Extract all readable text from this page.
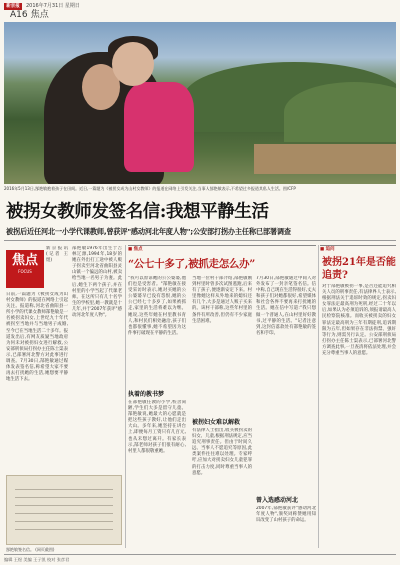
新京报	2016年7月31日 星期日
A16 焦点
2016年5月13日,郜艳敏抱着孩子在田间。近日,一篇题为《被拐女成为山村女教师》的报道在网络上引发关注,当事人郜艳敏表示,不希望过多报道其私人生活。图/CFP
被拐女教师发签名信:我想平静生活
被拐后近任河北一小学代课教师,曾获评"感动河北年度人物";公安部打拐办主任称已部署调查
焦点
FOCUS
新京报讯 (记者 王煜)
日前,一篇题为《被拐女成为山村女教师》的报道在网络上引起关注。报道称,河北省曲阳县一所小学的代课女教师郜艳敏是一名被拐卖妇女,上世纪九十年代被拐至当地并与当地男子成婚,至今已在当地生活二十多年。报道发出后,有网友质疑当地政府为何未对被拐妇女进行解救,公安部刑侦局打拐办主任陈士渠表示,已部署河北警方对此事进行调查。7月30日,郜艳敏通过媒体发表签名信,称希望大家不要再去打扰她的生活,她想要平静地生活下去。
郜艳敏1976年出生于吉林辽源,1994年,18岁的她在外出打工途中被人贩子拐卖至河北省曲阳县灵山镇一个偏远的山村,被卖给当地一名男子为妻。此后,她生下两个孩子,并在村里的小学当起了代课老师。在这所只有几十名学生的学校里,她一教就是十几年,并于2007年获评"感动河北年度人物"。
郜艳敏签名信。 (网页截图)
■ 焦点
“公七十多了,被抓走怎么办”
"我可以原谅她的公公婆婆,他们也是受害者。"郜艳敏在接受采访时表示,她对买她的公公婆婆早已没有怨恨,她的公公已经七十多岁了,如果被抓走,家里的生活将难以为继。她说,这些年她在村里教书育人,和村民们相处融洽,孩子们也都很懂事,她不希望因为这件事打破现在平静的生活。
执着的教书梦
在郜艳敏任教的小学,校舍简陋,学生们大多是留守儿童。郜艳敏说,她最大的心愿就是把这些孩子教好,让他们走出大山。多年来,她坚持在讲台上,即便每月工资只有几百元,也从未想过离开。有家长表示,郜老师对孩子们很有耐心,村里人都很敬重她。
当地一位村干部介绍,郜艳敏刚到村里时曾多次试图逃跑,后来有了孩子,便逐渐安定下来。村里像她这样从外地来的媳妇还有几个,大多是通过人贩子买来的。该村干部称,这些年村里的条件有所改善,但仍有不少家庭生活困难。
被拐妇女难以解救
有法律人士指出,收买被拐卖的妇女、儿童,根据刑法规定,应当追究刑事责任。但由于时间久远、当事人不愿追究等原因,此类案件往往难以处理。专家呼吁,应加大对拐卖妇女儿童犯罪的打击力度,同时尊重当事人的意愿。
7月30日,郜艳敏通过中间人对外发布了一封亲笔签名信。信中称,自己现在生活得很好,丈夫和孩子们对她都很好,希望媒体和社会各界不要再来打扰她的生活。她在信中写道:"我只想做一个普通人,在山村里好好教书,过平静的生活。"记者注意到,这封信落款处有郜艳敏的签名和手印。
曾入选感动河北
2007年,郜艳敏获评"感动河北年度人物",颁奖词称赞她用知识改变了山村孩子的命运。
■ 追问
被拐21年是否能追责?
对于郜艳敏被拐一事,是否还能追究相关人员的刑事责任,有法律界人士表示,根据刑法关于追诉时效的规定,拐卖妇女罪法定最高刑为死刑,经过二十年以后,如果认为必须追诉的,须报请最高人民检察院核准。而收买被拐卖的妇女罪法定最高刑为三年有期徒刑,追诉期限为五年,但如果存在非法拘禁、强奸等行为,则需另行认定。公安部刑侦局打拐办主任陈士渠表示,已部署河北警方调查此事,一旦查清将依法处理,并会充分尊重当事人的意愿。
编辑 王煜 美编 王子凯 校对 张彦君
